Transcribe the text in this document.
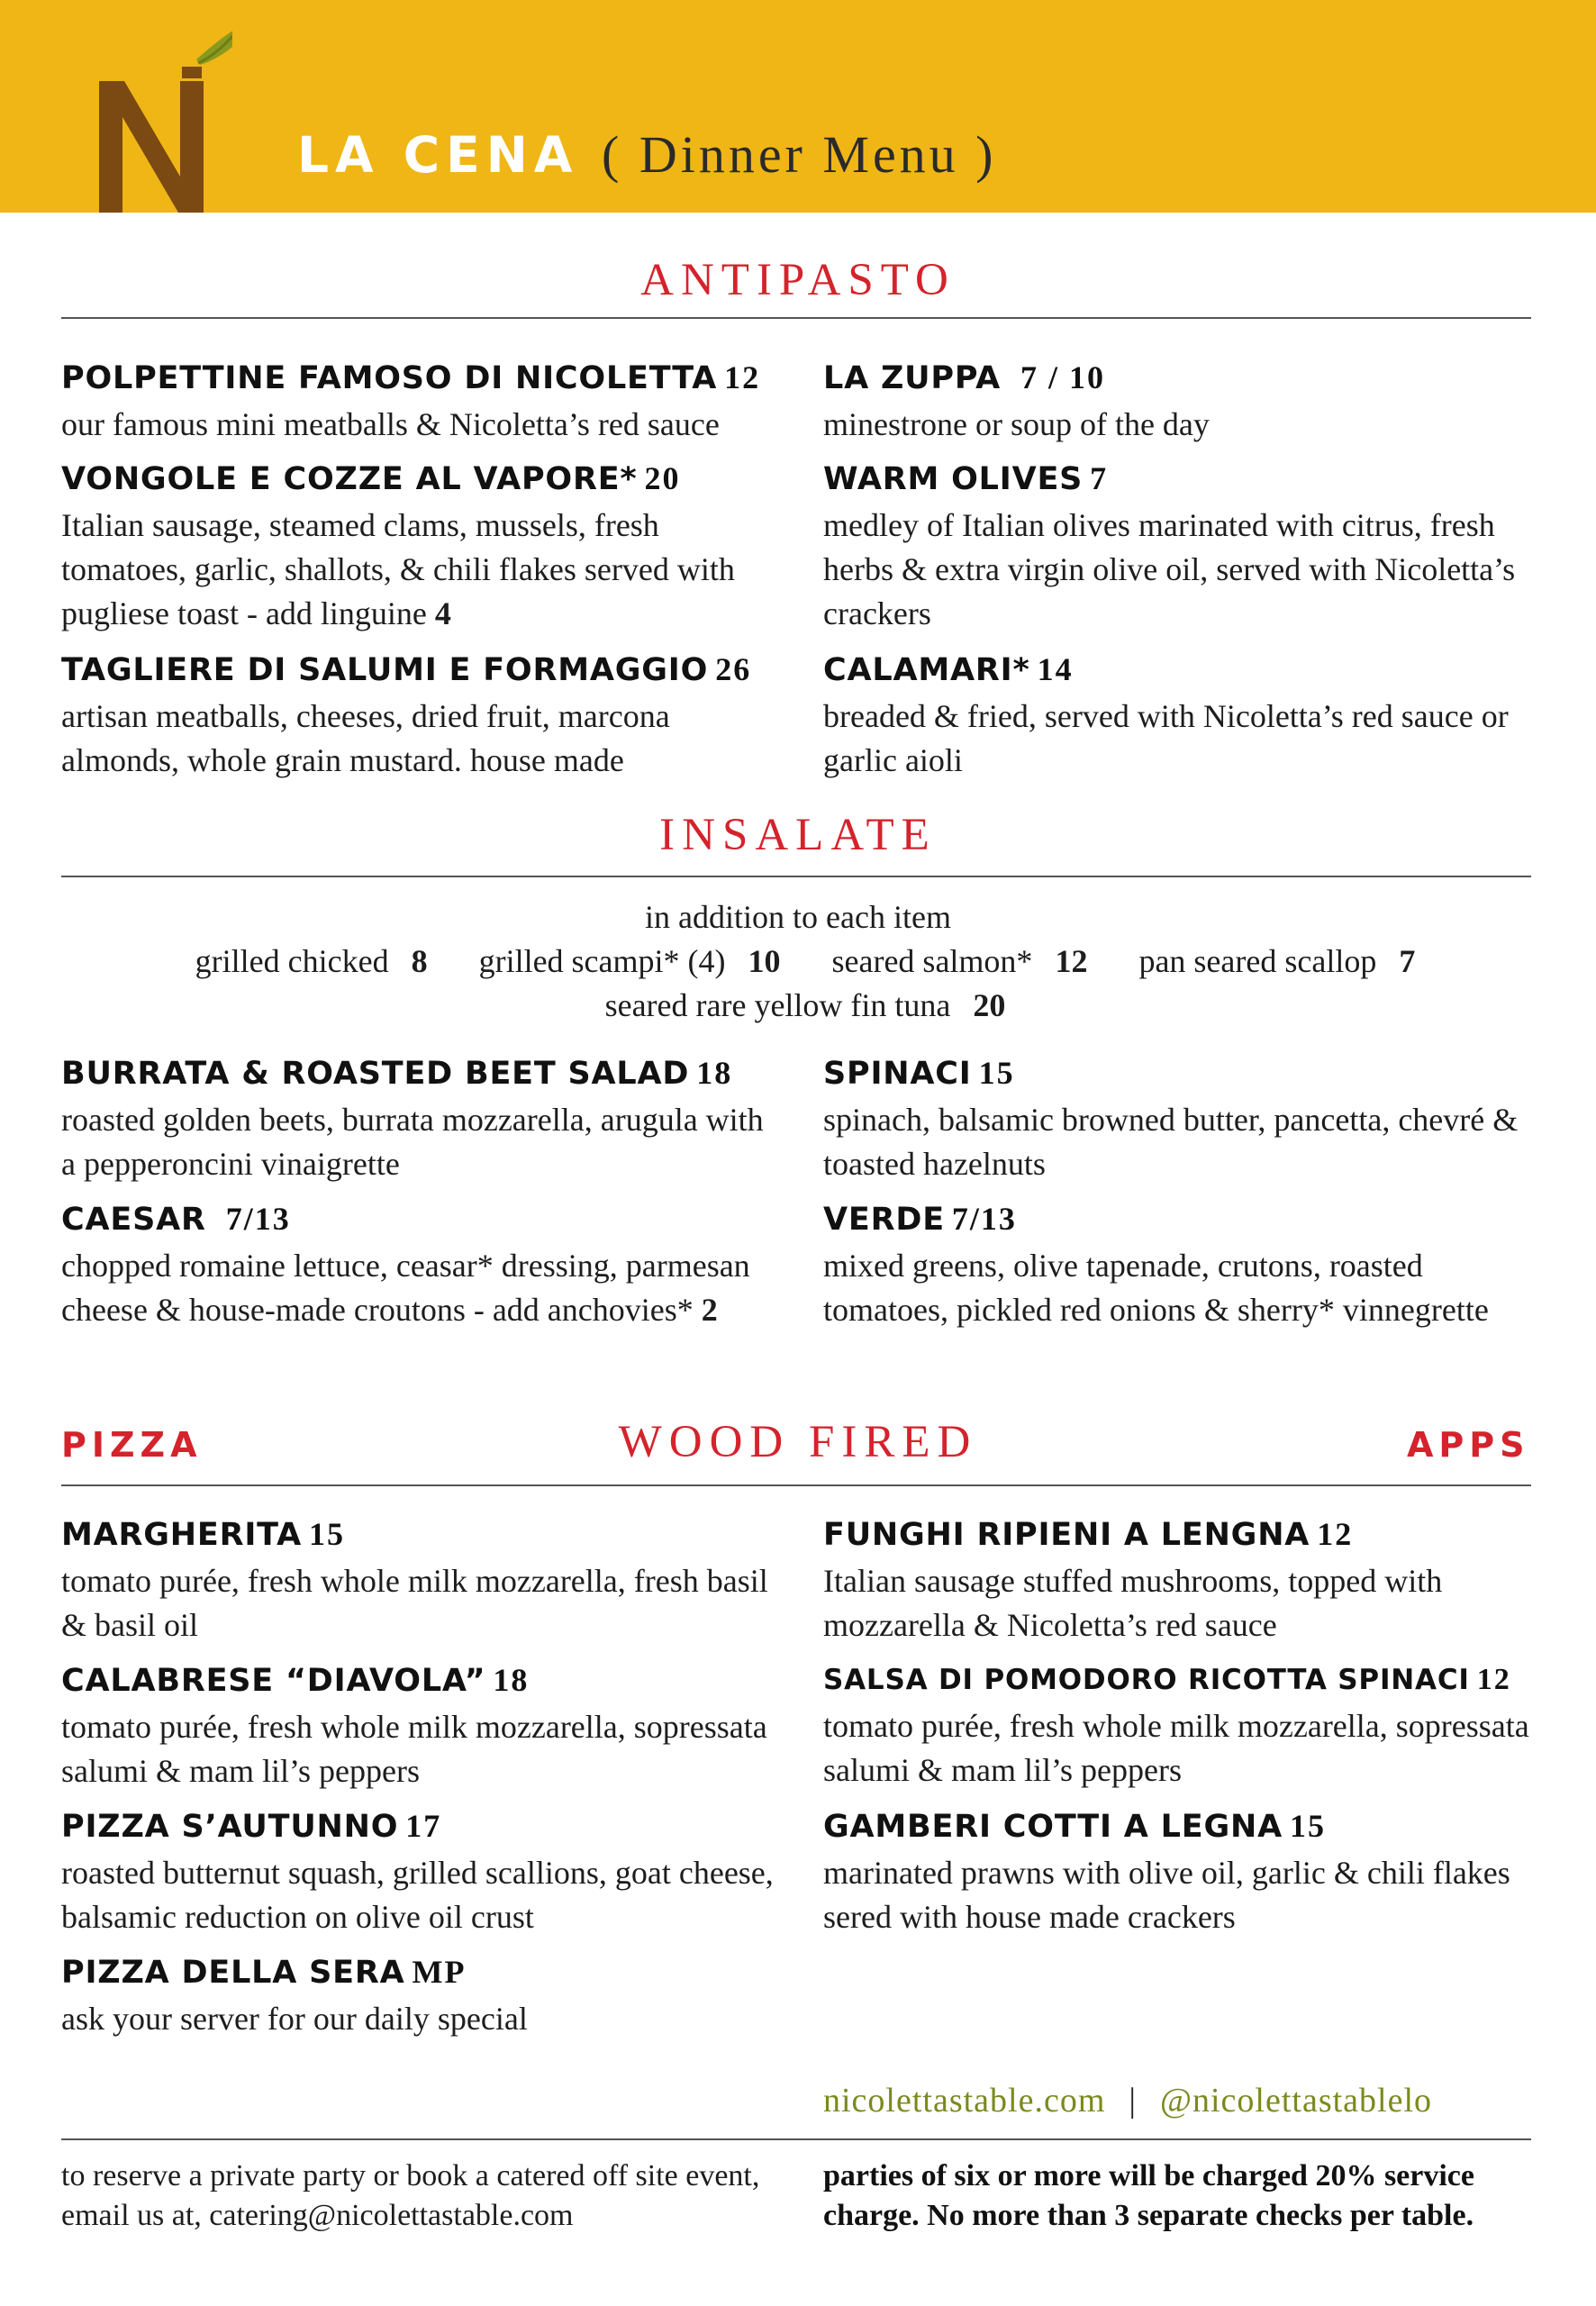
LA CENA ( Dinner Menu )
ANTIPASTO
POLPETTINE FAMOSO DI NICOLETTA 12
our famous mini meatballs & Nicoletta’s red sauce
VONGOLE E COZZE AL VAPORE* 20
Italian sausage, steamed clams, mussels, fresh tomatoes, garlic, shallots, & chili flakes served with pugliese toast - add linguine 4
TAGLIERE DI SALUMI E FORMAGGIO 26
artisan meatballs, cheeses, dried fruit, marcona almonds, whole grain mustard. house made
LA ZUPPA 7 / 10
minestrone or soup of the day
WARM OLIVES 7
medley of Italian olives marinated with citrus, fresh herbs & extra virgin olive oil, served with Nicoletta’s crackers
CALAMARI* 14
breaded & fried, served with Nicoletta’s red sauce or garlic aioli
INSALATE
in addition to each item
grilled chicked 8 grilled scampi* (4) 10 seared salmon* 12 pan seared scallop 7
seared rare yellow fin tuna 20
BURRATA & ROASTED BEET SALAD 18
roasted golden beets, burrata mozzarella, arugula with a pepperoncini vinaigrette
CAESAR 7/13
chopped romaine lettuce, ceasar* dressing, parmesan cheese & house-made croutons - add anchovies* 2
SPINACI 15
spinach, balsamic browned butter, pancetta, chevré & toasted hazelnuts
VERDE 7/13
mixed greens, olive tapenade, crutons, roasted tomatoes, pickled red onions & sherry* vinnegrette
PIZZA	WOOD FIRED	APPS
MARGHERITA 15
tomato purée, fresh whole milk mozzarella, fresh basil & basil oil
CALABRESE “DIAVOLA” 18
tomato purée, fresh whole milk mozzarella, sopressata salumi & mam lil’s peppers
PIZZA S’AUTUNNO 17
roasted butternut squash, grilled scallions, goat cheese, balsamic reduction on olive oil crust
PIZZA DELLA SERA MP
ask your server for our daily special
FUNGHI RIPIENI A LENGNA 12
Italian sausage stuffed mushrooms, topped with mozzarella & Nicoletta’s red sauce
SALSA DI POMODORO RICOTTA SPINACI 12
tomato purée, fresh whole milk mozzarella, sopressata salumi & mam lil’s peppers
GAMBERI COTTI A LEGNA 15
marinated prawns with olive oil, garlic & chili flakes sered with house made crackers
nicolettastable.com | @nicolettastablelo
to reserve a private party or book a catered off site event, email us at, catering@nicolettastable.com
parties of six or more will be charged 20% service charge. No more than 3 separate checks per table.
